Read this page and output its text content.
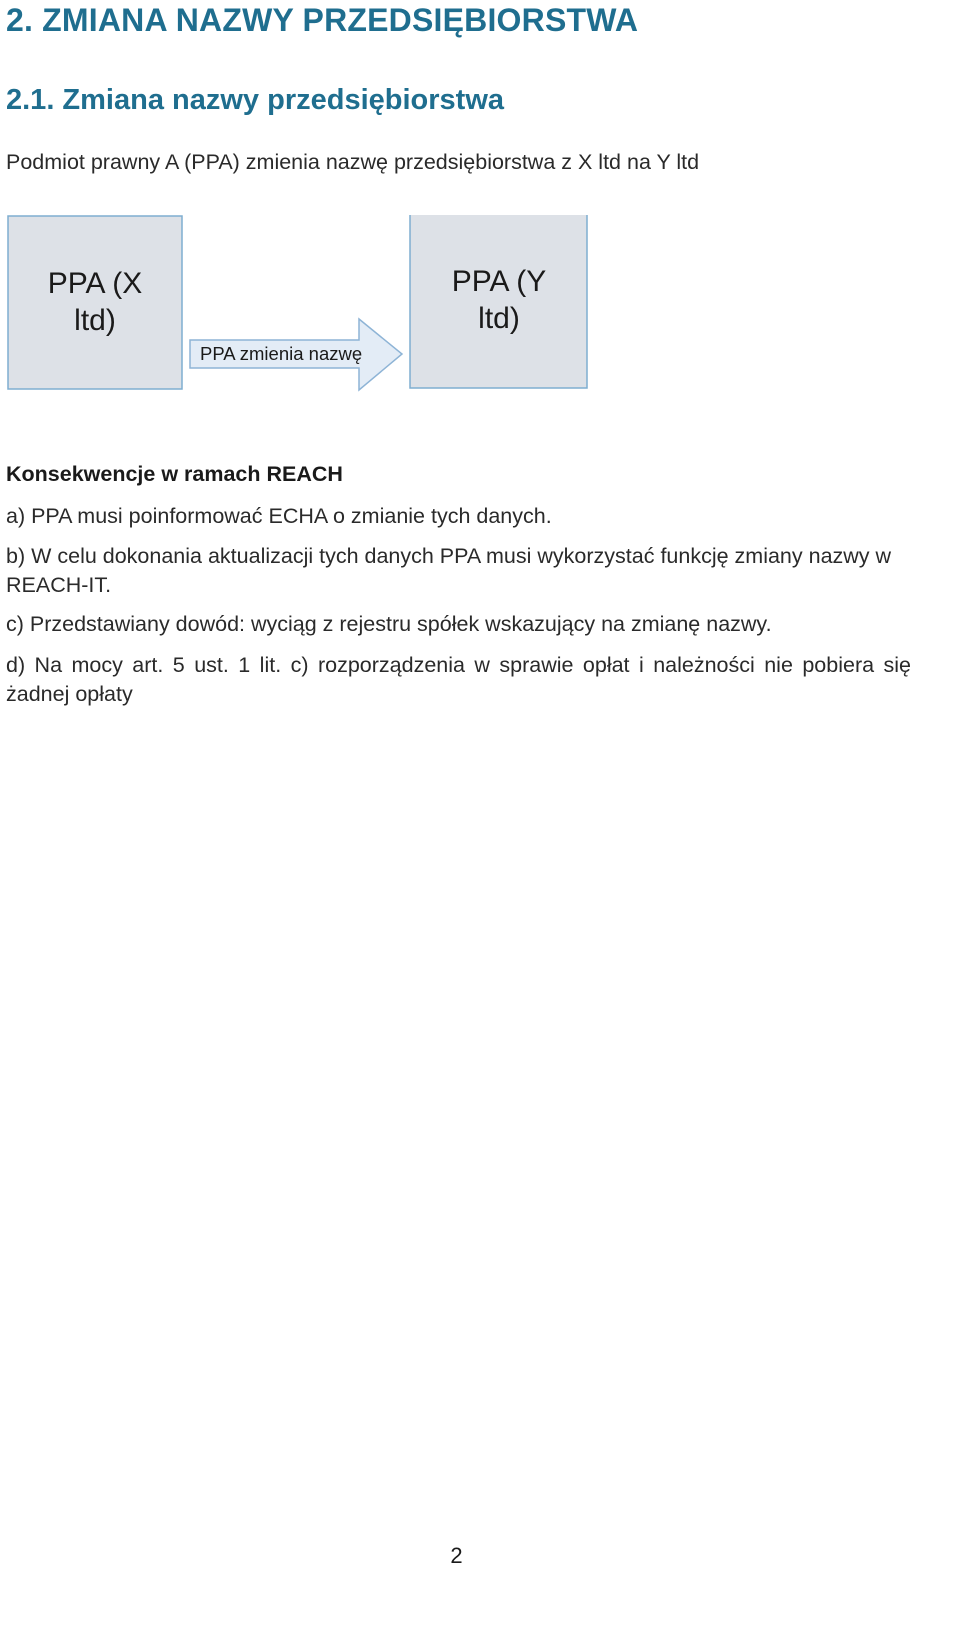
2. ZMIANA NAZWY PRZEDSIĘBIORSTWA
2.1. Zmiana nazwy przedsiębiorstwa

Podmiot prawny A (PPA) zmienia nazwę przedsiębiorstwa z X ltd na Y ltd

PPA (X
ltd)
PPA zmienia nazwę
PPA (Y
ltd)

Konsekwencje w ramach REACH

a) PPA musi poinformować ECHA o zmianie tych danych.

b) W celu dokonania aktualizacji tych danych PPA musi wykorzystać funkcję zmiany nazwy w REACH-IT.

c) Przedstawiany dowód: wyciąg z rejestru spółek wskazujący na zmianę nazwy.

d) Na mocy art. 5 ust. 1 lit. c) rozporządzenia w sprawie opłat i należności nie pobiera się żadnej opłaty

2
